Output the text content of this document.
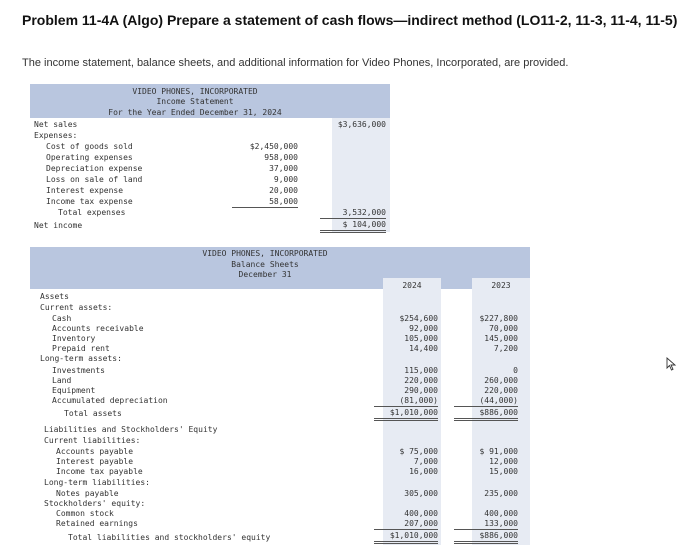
Problem 11-4A (Algo) Prepare a statement of cash flows—indirect method (LO11-2, 11-3, 11-4, 11-5)
The income statement, balance sheets, and additional information for Video Phones, Incorporated, are provided.
VIDEO PHONES, INCORPORATED
Income Statement
For the Year Ended December 31, 2024
Net sales	$3,636,000
Expenses:
Cost of goods sold	$2,450,000
Operating expenses	958,000
Depreciation expense	37,000
Loss on sale of land	9,000
Interest expense	20,000
Income tax expense	58,000
Total expenses	3,532,000
Net income	$ 104,000
VIDEO PHONES, INCORPORATED
Balance Sheets
December 31
2024	2023
Assets
Current assets:
Cash	$254,600	$227,800
Accounts receivable	92,000	70,000
Inventory	105,000	145,000
Prepaid rent	14,400	7,200
Long-term assets:
Investments	115,000	0
Land	220,000	260,000
Equipment	290,000	220,000
Accumulated depreciation	(81,000)	(44,000)
Total assets	$1,010,000	$886,000
Liabilities and Stockholders' Equity
Current liabilities:
Accounts payable	$ 75,000	$ 91,000
Interest payable	7,000	12,000
Income tax payable	16,000	15,000
Long-term liabilities:
Notes payable	305,000	235,000
Stockholders' equity:
Common stock	400,000	400,000
Retained earnings	207,000	133,000
Total liabilities and stockholders' equity	$1,010,000	$886,000
